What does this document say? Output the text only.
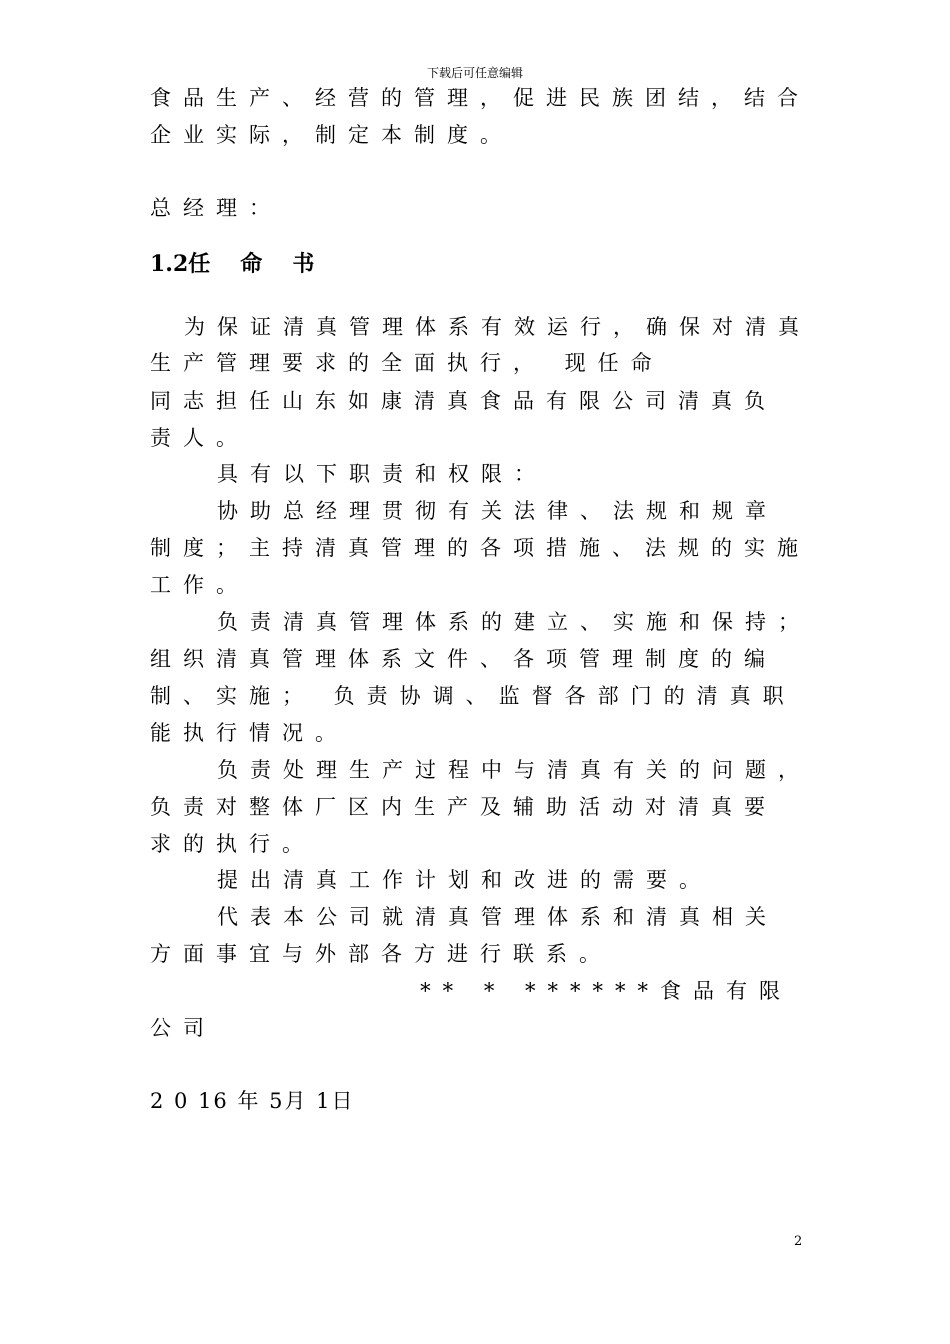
下载后可任意编辑
食品生产、经营的管理，促进民族团结，结合
企业实际，制定本制度。
总经理：
1.2任 命 书
为保证清真管理体系有效运行，确保对清真
生产管理要求的全面执行， 现任命
同志担任山东如康清真食品有限公司清真负
责人。
具有以下职责和权限：
协助总经理贯彻有关法律、法规和规章
制度；主持清真管理的各项措施、法规的实施
工作。
负责清真管理体系的建立、实施和保持；
组织清真管理体系文件、各项管理制度的编
制、实施； 负责协调、监督各部门的清真职
能执行情况。
负责处理生产过程中与清真有关的问题，
负责对整体厂区内生产及辅助活动对清真要
求的执行。
提出清真工作计划和改进的需要。
代表本公司就清真管理体系和清真相关
方面事宜与外部各方进行联系。
** * ******食品有限
公司
2 0 16 年 5月 1日
2
